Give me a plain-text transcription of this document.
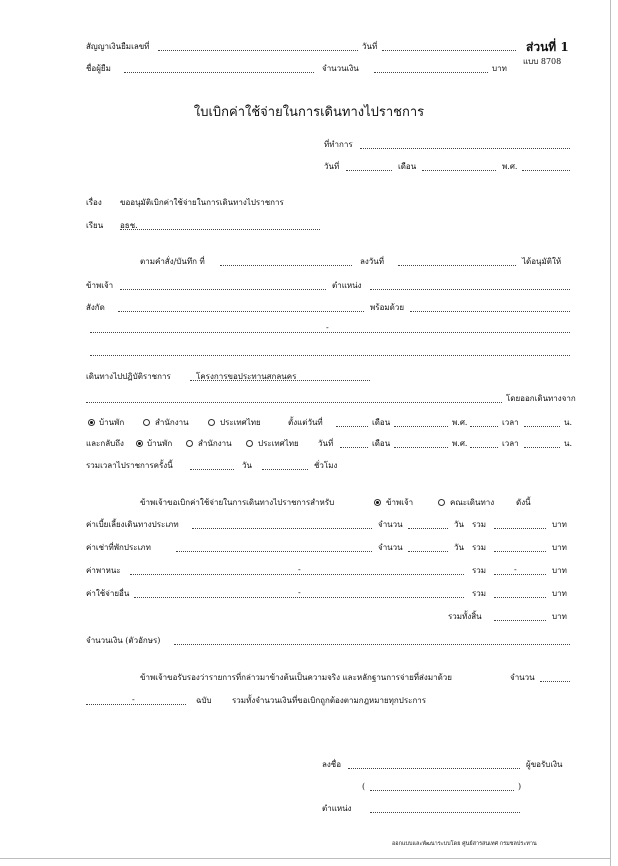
สัญญาเงินยืมเลขที่	วันที่	ส่วนที่ 1
แบบ 8708
ชื่อผู้ยืม	จำนวนเงิน	บาท
ใบเบิกค่าใช้จ่ายในการเดินทางไปราชการ
ที่ทำการ
วันที่	เดือน	พ.ศ.
เรื่อง ขออนุมัติเบิกค่าใช้จ่ายในการเดินทางไปราชการ
เรียน อธช.
ตามคำสั่ง/บันทึก ที่	ลงวันที่	ได้อนุมัติให้
ข้าพเจ้า	ตำแหน่ง
สังกัด	พร้อมด้วย
-
เดินทางไปปฏิบัติราชการ	โครงการขอประทานสกลนคร
โดยออกเดินทางจาก
บ้านพัก	สำนักงาน	ประเทศไทย	ตั้งแต่วันที่	เดือน	พ.ศ.	เวลา	น.
และกลับถึง	บ้านพัก	สำนักงาน	ประเทศไทย วันที่	เดือน	พ.ศ.	เวลา	น.
รวมเวลาไปราชการครั้งนี้	วัน	ชั่วโมง
ข้าพเจ้าขอเบิกค่าใช้จ่ายในการเดินทางไปราชการสำหรับ	ข้าพเจ้า	คณะเดินทาง	ดังนี้
ค่าเบี้ยเลี้ยงเดินทางประเภท	จำนวน	วัน รวม	บาท
ค่าเช่าที่พักประเภท	จำนวน	วัน รวม	บาท
ค่าพาหนะ	-	รวม	-	บาท
ค่าใช้จ่ายอื่น	-	รวม	บาท
รวมทั้งสิ้น	บาท
จำนวนเงิน (ตัวอักษร)
ข้าพเจ้าขอรับรองว่ารายการที่กล่าวมาข้างต้นเป็นความจริง และหลักฐานการจ่ายที่ส่งมาด้วย	จำนวน
-	ฉบับ	รวมทั้งจำนวนเงินที่ขอเบิกถูกต้องตามกฎหมายทุกประการ
ลงชื่อ	ผู้ขอรับเงิน
(	)
ตำแหน่ง
ออกแบบและพัฒนาระบบโดย ศูนย์สารสนเทศ กรมชลประทาน
